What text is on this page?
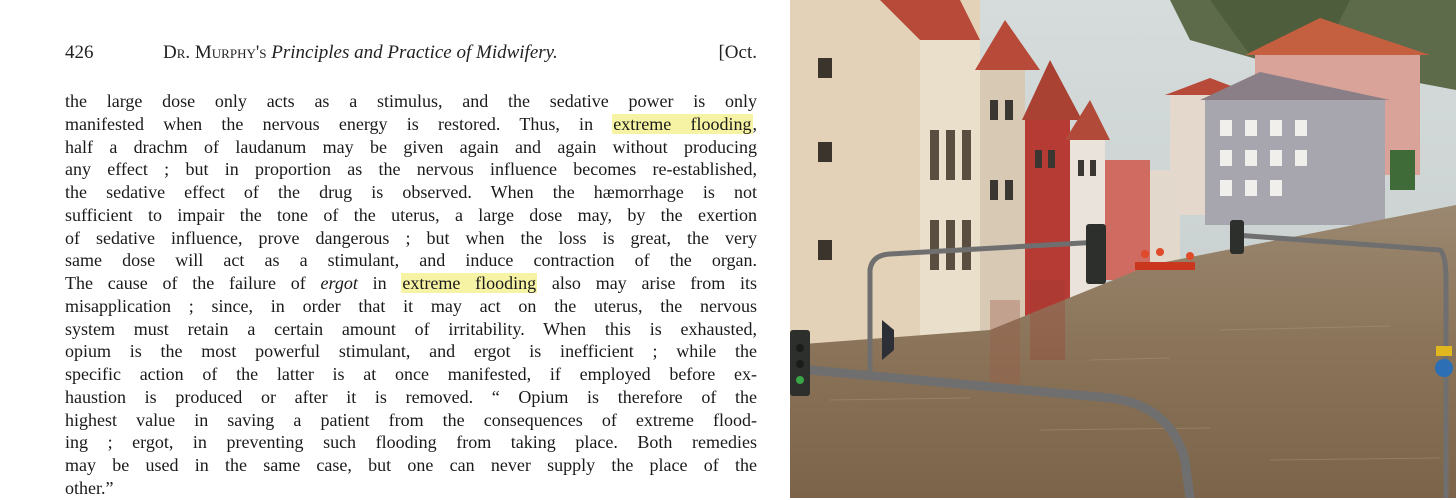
426	Dr. Murphy's Principles and Practice of Midwifery.	[Oct.
the large dose only acts as a stimulus, and the sedative power is only
manifested when the nervous energy is restored. Thus, in extreme flooding,
half a drachm of laudanum may be given again and again without producing
any effect ; but in proportion as the nervous influence becomes re-established,
the sedative effect of the drug is observed. When the hæmorrhage is not
sufficient to impair the tone of the uterus, a large dose may, by the exertion
of sedative influence, prove dangerous ; but when the loss is great, the very
same dose will act as a stimulant, and induce contraction of the organ.
The cause of the failure of ergot in extreme flooding also may arise from its
misapplication ; since, in order that it may act on the uterus, the nervous
system must retain a certain amount of irritability. When this is exhausted,
opium is the most powerful stimulant, and ergot is inefficient ; while the
specific action of the latter is at once manifested, if employed before ex-
haustion is produced or after it is removed. “ Opium is therefore of the
highest value in saving a patient from the consequences of extreme flood-
ing ; ergot, in preventing such flooding from taking place. Both remedies
may be used in the same case, but one can never supply the place of the
other.”
